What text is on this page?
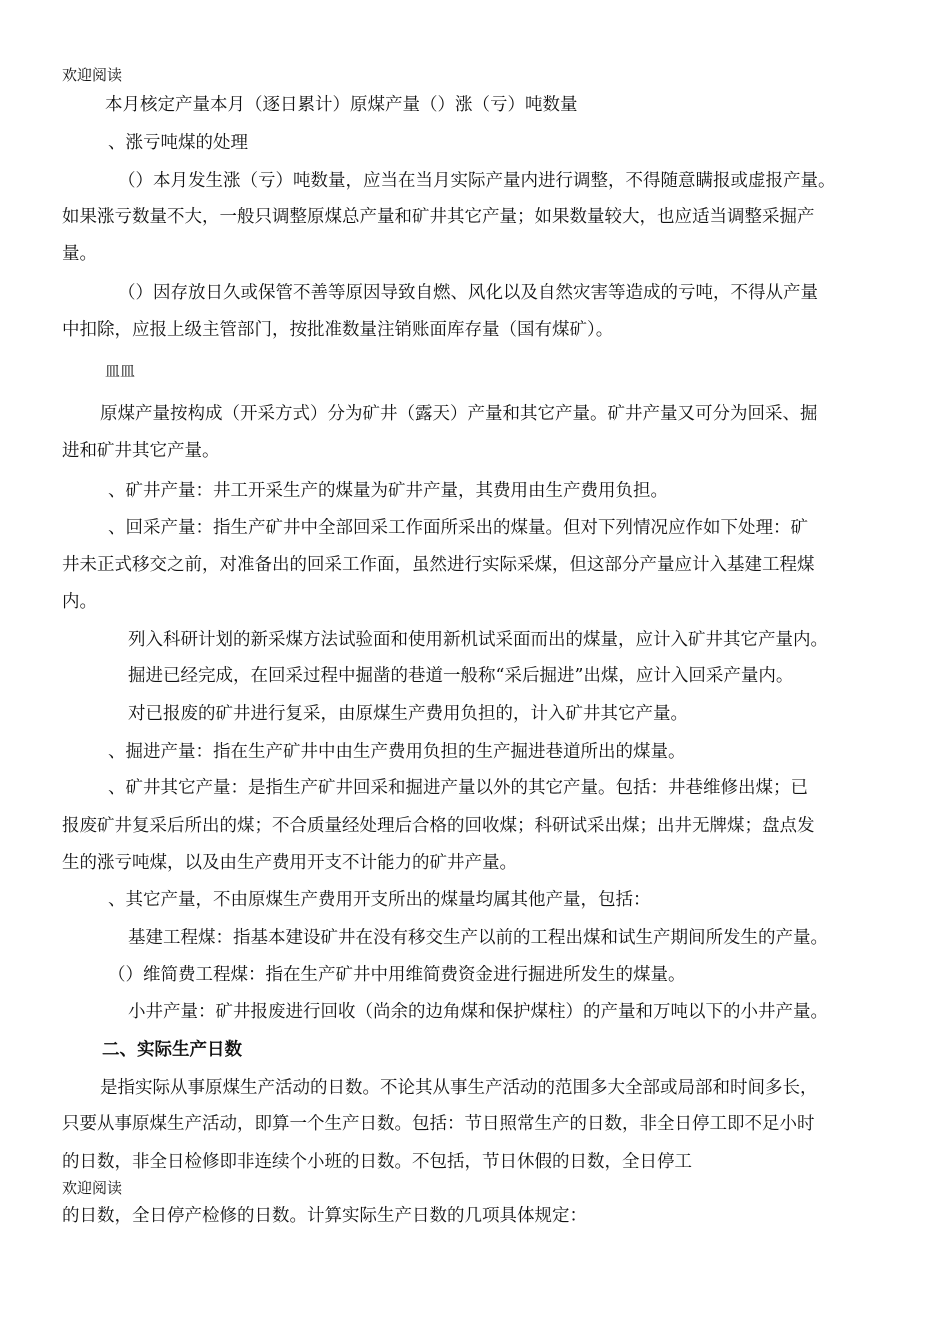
欢迎阅读
本月核定产量本月（逐日累计）原煤产量（）涨（亏）吨数量
、涨亏吨煤的处理
（）本月发生涨（亏）吨数量，应当在当月实际产量内进行调整，不得随意瞒报或虚报产量。
如果涨亏数量不大，一般只调整原煤总产量和矿井其它产量；如果数量较大，也应适当调整采掘产
量。
（）因存放日久或保管不善等原因导致自燃、风化以及自然灾害等造成的亏吨，不得从产量
中扣除，应报上级主管部门，按批准数量注销账面库存量（国有煤矿）。
皿皿
原煤产量按构成（开采方式）分为矿井（露天）产量和其它产量。矿井产量又可分为回采、掘
进和矿井其它产量。
、矿井产量：井工开采生产的煤量为矿井产量，其费用由生产费用负担。
、回采产量：指生产矿井中全部回采工作面所采出的煤量。但对下列情况应作如下处理：矿
井未正式移交之前，对准备出的回采工作面，虽然进行实际采煤，但这部分产量应计入基建工程煤
内。
列入科研计划的新采煤方法试验面和使用新机试采面而出的煤量，应计入矿井其它产量内。
掘进已经完成，在回采过程中掘凿的巷道一般称“采后掘进”出煤，应计入回采产量内。
对已报废的矿井进行复采，由原煤生产费用负担的，计入矿井其它产量。
、掘进产量：指在生产矿井中由生产费用负担的生产掘进巷道所出的煤量。
、矿井其它产量：是指生产矿井回采和掘进产量以外的其它产量。包括：井巷维修出煤；已
报废矿井复采后所出的煤；不合质量经处理后合格的回收煤；科研试采出煤；出井无牌煤；盘点发
生的涨亏吨煤，以及由生产费用开支不计能力的矿井产量。
、其它产量，不由原煤生产费用开支所出的煤量均属其他产量，包括：
基建工程煤：指基本建设矿井在没有移交生产以前的工程出煤和试生产期间所发生的产量。
（）维简费工程煤：指在生产矿井中用维简费资金进行掘进所发生的煤量。
小井产量：矿井报废进行回收（尚余的边角煤和保护煤柱）的产量和万吨以下的小井产量。
二、实际生产日数
是指实际从事原煤生产活动的日数。不论其从事生产活动的范围多大全部或局部和时间多长，
只要从事原煤生产活动，即算一个生产日数。包括：节日照常生产的日数，非全日停工即不足小时
的日数，非全日检修即非连续个小班的日数。不包括，节日休假的日数，全日停工
欢迎阅读
的日数，全日停产检修的日数。计算实际生产日数的几项具体规定：
